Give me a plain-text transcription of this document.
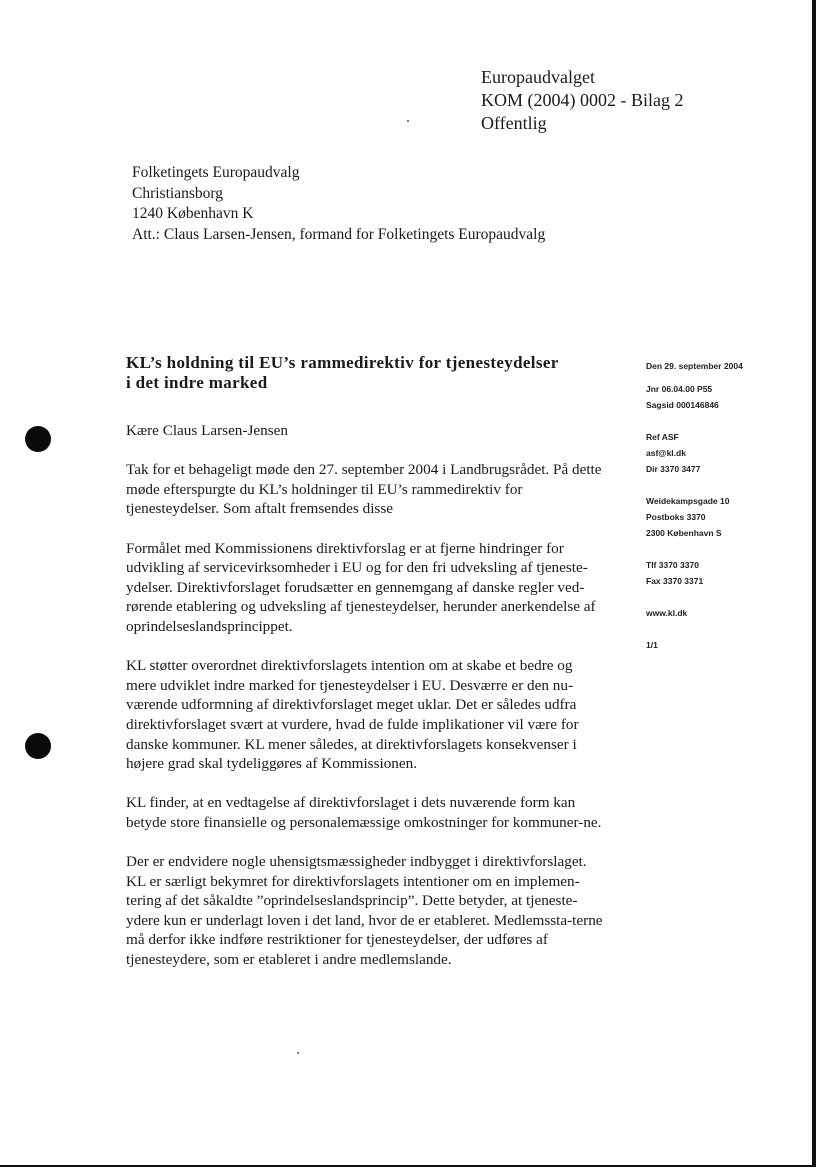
Europaudvalget
KOM (2004) 0002 - Bilag 2
Offentlig
Folketingets Europaudvalg
Christiansborg
1240 København K
Att.: Claus Larsen-Jensen, formand for Folketingets Europaudvalg
KL’s holdning til EU’s rammedirektiv for tjenesteydelser
i det indre marked
Den 29. september 2004
Jnr 06.04.00 P55
Sagsid 000146846
Ref ASF
asf@kl.dk
Dir 3370 3477
Weidekampsgade 10
Postboks 3370
2300 København S
Tlf 3370 3370
Fax 3370 3371
www.kl.dk
1/1

Kære Claus Larsen-Jensen

Tak for et behageligt møde den 27. september 2004 i Landbrugsrådet. På dette møde efterspurgte du KL’s holdninger til EU’s rammedirektiv for tjenesteydelser. Som aftalt fremsendes disse

Formålet med Kommissionens direktivforslag er at fjerne hindringer for udvikling af servicevirksomheder i EU og for den fri udveksling af tjeneste-ydelser. Direktivforslaget forudsætter en gennemgang af danske regler ved-rørende etablering og udveksling af tjenesteydelser, herunder anerkendelse af oprindelseslandsprincippet.

KL støtter overordnet direktivforslagets intention om at skabe et bedre og mere udviklet indre marked for tjenesteydelser i EU. Desværre er den nu-værende udformning af direktivforslaget meget uklar. Det er således udfra direktivforslaget svært at vurdere, hvad de fulde implikationer vil være for danske kommuner. KL mener således, at direktivforslagets konsekvenser i højere grad skal tydeliggøres af Kommissionen.

KL finder, at en vedtagelse af direktivforslaget i dets nuværende form kan betyde store finansielle og personalemæssige omkostninger for kommuner-ne.

Der er endvidere nogle uhensigtsmæssigheder indbygget i direktivforslaget. KL er særligt bekymret for direktivforslagets intentioner om en implemen-tering af det såkaldte ”oprindelseslandsprincip”. Dette betyder, at tjeneste-ydere kun er underlagt loven i det land, hvor de er etableret. Medlemssta-terne må derfor ikke indføre restriktioner for tjenesteydelser, der udføres af tjenesteydere, som er etableret i andre medlemslande.
